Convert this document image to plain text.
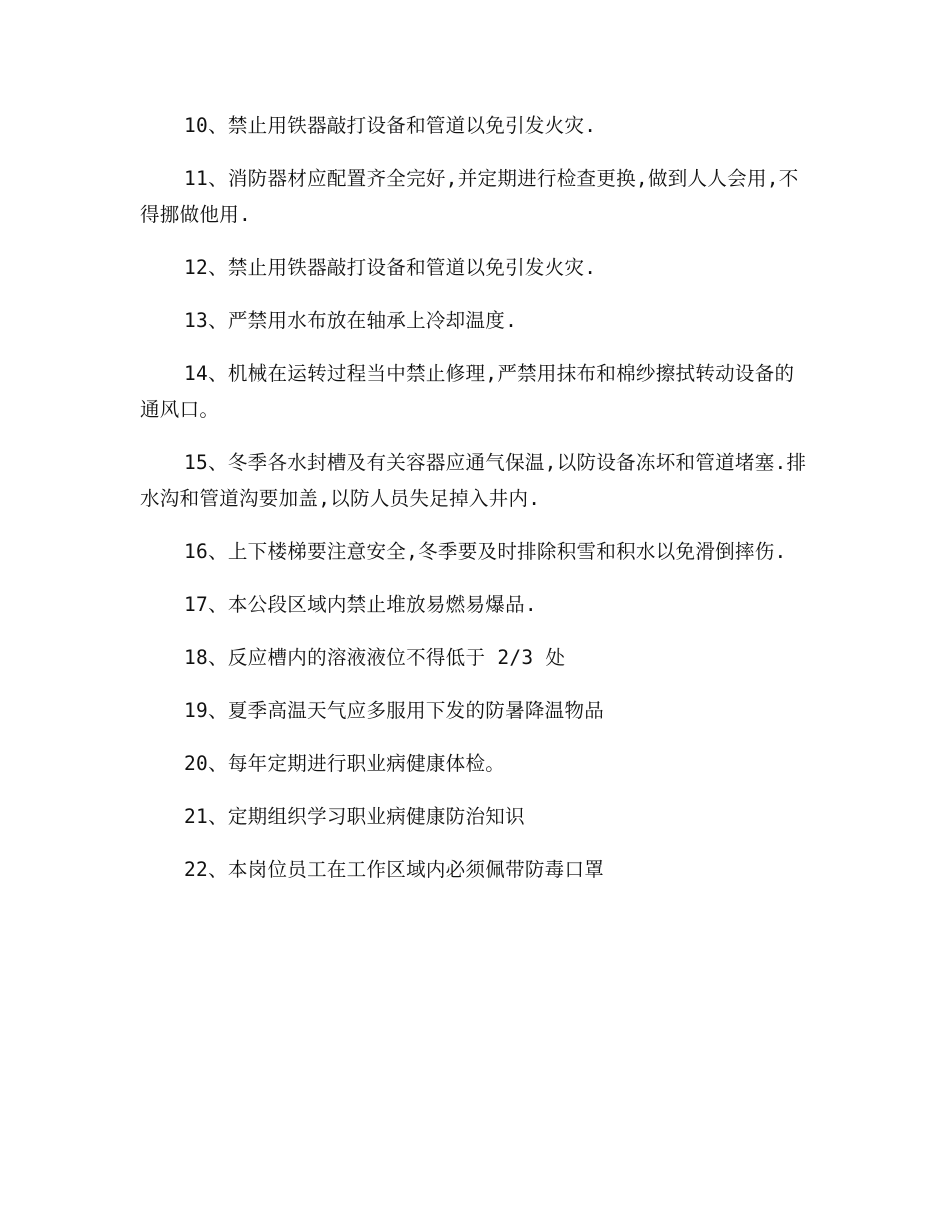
10、禁止用铁器敲打设备和管道以免引发火灾.

11、消防器材应配置齐全完好,并定期进行检查更换,做到人人会用,不得挪做他用.

12、禁止用铁器敲打设备和管道以免引发火灾.

13、严禁用水布放在轴承上冷却温度.

14、机械在运转过程当中禁止修理,严禁用抹布和棉纱擦拭转动设备的通风口。

15、冬季各水封槽及有关容器应通气保温,以防设备冻坏和管道堵塞.排水沟和管道沟要加盖,以防人员失足掉入井内.

16、上下楼梯要注意安全,冬季要及时排除积雪和积水以免滑倒摔伤.

17、本公段区域内禁止堆放易燃易爆品.

18、反应槽内的溶液液位不得低于 2/3 处

19、夏季高温天气应多服用下发的防暑降温物品

20、每年定期进行职业病健康体检。

21、定期组织学习职业病健康防治知识

22、本岗位员工在工作区域内必须佩带防毒口罩
